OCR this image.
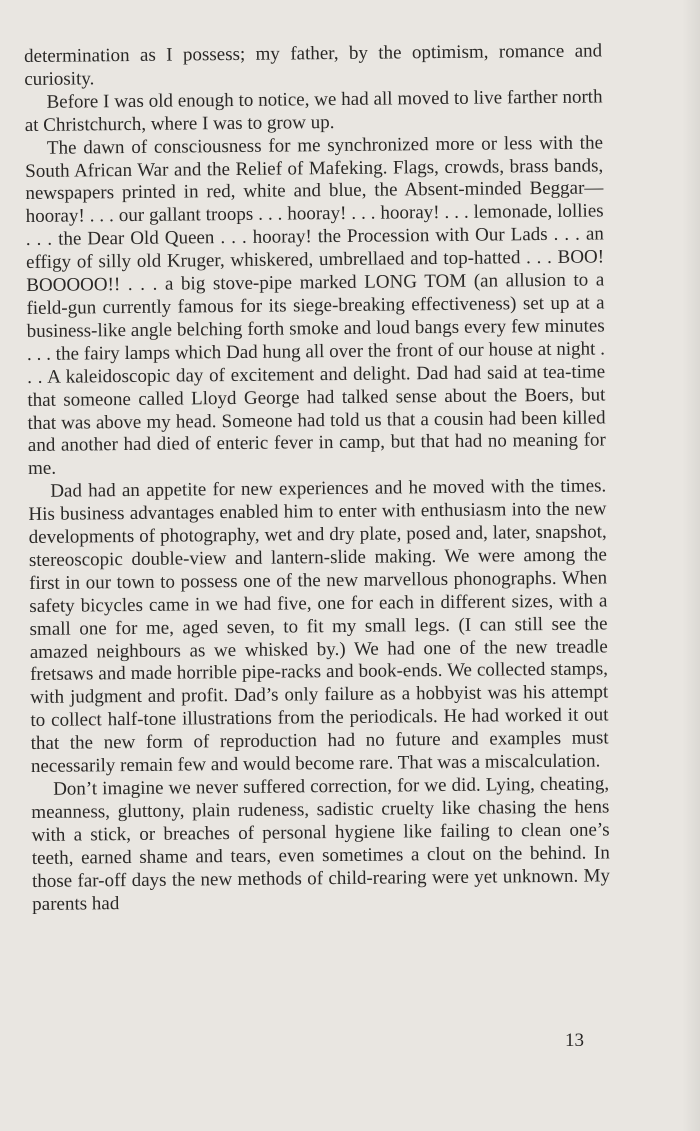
determination as I possess; my father, by the optimism, romance and curiosity.

Before I was old enough to notice, we had all moved to live farther north at Christchurch, where I was to grow up.

The dawn of consciousness for me synchronized more or less with the South African War and the Relief of Mafeking. Flags, crowds, brass bands, newspapers printed in red, white and blue, the Absent-minded Beggar—hooray! . . . our gallant troops . . . hooray! . . . hooray! . . . lemonade, lollies . . . the Dear Old Queen . . . hooray! the Procession with Our Lads . . . an effigy of silly old Kruger, whiskered, umbrellaed and top-hatted . . . BOO! BOOOOO!! . . . a big stove-pipe marked LONG TOM (an allusion to a field-gun currently famous for its siege-breaking effectiveness) set up at a business-like angle belching forth smoke and loud bangs every few minutes . . . the fairy lamps which Dad hung all over the front of our house at night . . . A kaleidoscopic day of excitement and delight. Dad had said at tea-time that someone called Lloyd George had talked sense about the Boers, but that was above my head. Someone had told us that a cousin had been killed and another had died of enteric fever in camp, but that had no meaning for me.

Dad had an appetite for new experiences and he moved with the times. His business advantages enabled him to enter with enthusiasm into the new developments of photography, wet and dry plate, posed and, later, snapshot, stereoscopic double-view and lantern-slide making. We were among the first in our town to possess one of the new marvellous phonographs. When safety bicycles came in we had five, one for each in different sizes, with a small one for me, aged seven, to fit my small legs. (I can still see the amazed neighbours as we whisked by.) We had one of the new treadle fretsaws and made horrible pipe-racks and book-ends. We collected stamps, with judgment and profit. Dad’s only failure as a hobbyist was his attempt to collect half-tone illustrations from the periodicals. He had worked it out that the new form of reproduction had no future and examples must necessarily remain few and would become rare. That was a miscalculation.

Don’t imagine we never suffered correction, for we did. Lying, cheating, meanness, gluttony, plain rudeness, sadistic cruelty like chasing the hens with a stick, or breaches of personal hygiene like failing to clean one’s teeth, earned shame and tears, even sometimes a clout on the behind. In those far-off days the new methods of child-rearing were yet unknown. My parents had

13
